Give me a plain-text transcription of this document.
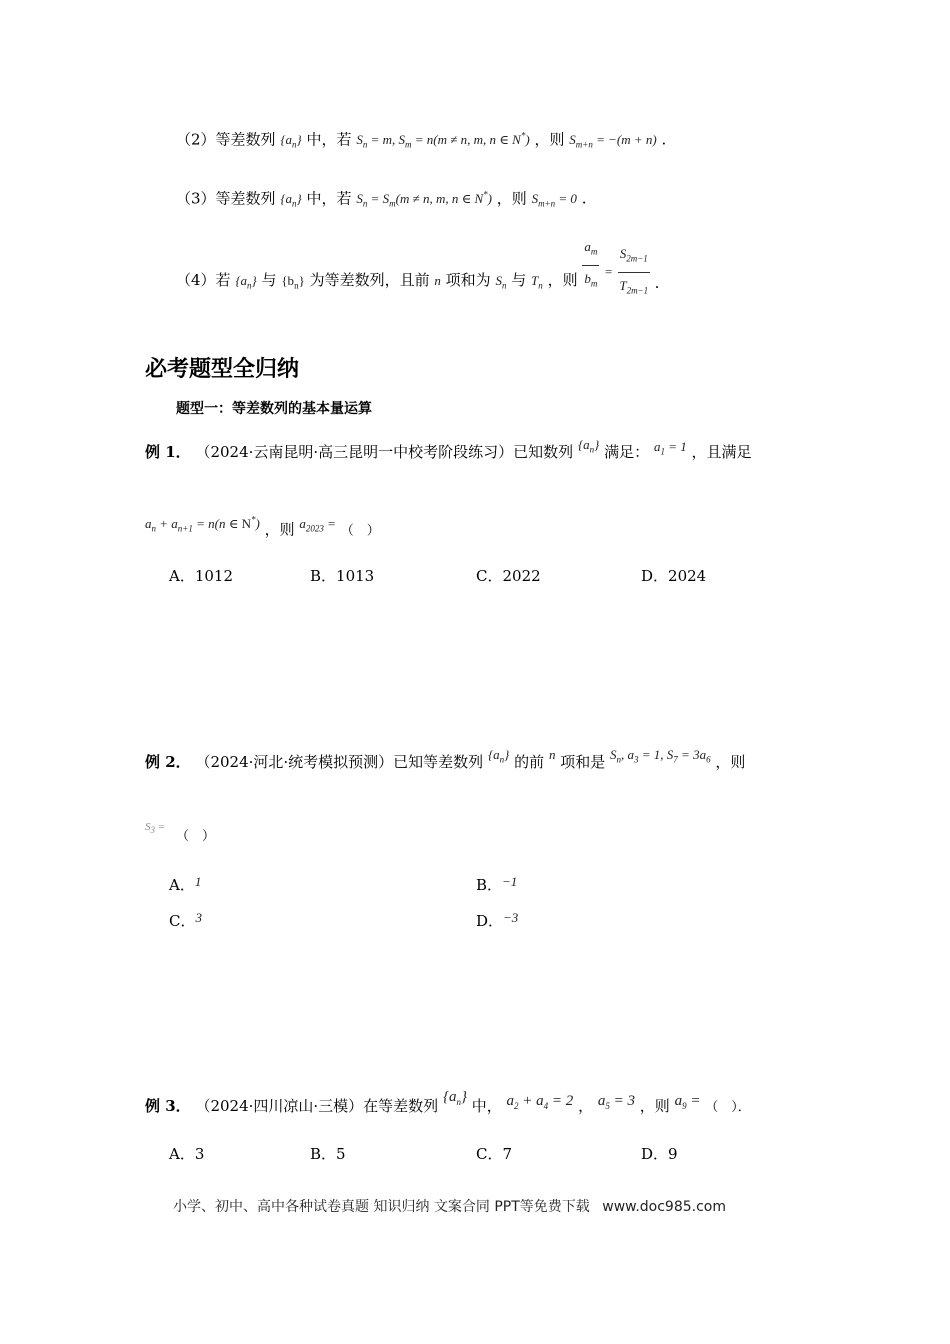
（2）等差数列 $\{a_n\}$ 中，若 $S_n = m$, $S_m = n(m \ne n$, m, n ∈ N*) ，则 $S_{m+n} = -(m + n)$ .
（3）等差数列 $\{a_n\}$ 中，若 $S_n = S_m(m \ne n$, m, n ∈ N*) ，则 $S_{m+n} = 0$ .
（4）若 $\{a_n\}$ 与 $\{b_n\}$ 为等差数列，且前 n 项和为 $S_n$ 与 $T_n$ ，则 $\frac{a_m}{b_m} = \frac{S_{2m-1}}{T_{2m-1}}$ .
必考题型全归纳
题型一：等差数列的基本量运算
例 1． （2024·云南昆明·高三昆明一中校考阶段练习）已知数列 $\{a_n\}$ 满足： $a_1 = 1$ ，且满足
$a_n + a_{n+1} = n(n$ ∈ N*) ，则 $a_{2023}$ = （　）
A．1012	B．1013	C．2022	D．2024
例 2． （2024·河北·统考模拟预测）已知等差数列 $\{a_n\}$ 的前 n 项和是 $S_n$, $a_3 = 1$, $S_7 = 3a_6$ ，则
$S_3$ =
（　）
A．1	B．−1
C．3	D．−3
例 3． （2024·四川凉山·三模）在等差数列 $\{a_n\}$ 中， $a_2 + a_4 = 2$ ， $a_5 = 3$ ，则 $a_9$ = （　）．
A．3	B．5	C．7	D．9
小学、初中、高中各种试卷真题 知识归纳 文案合同 PPT等免费下载 www.doc985.com
